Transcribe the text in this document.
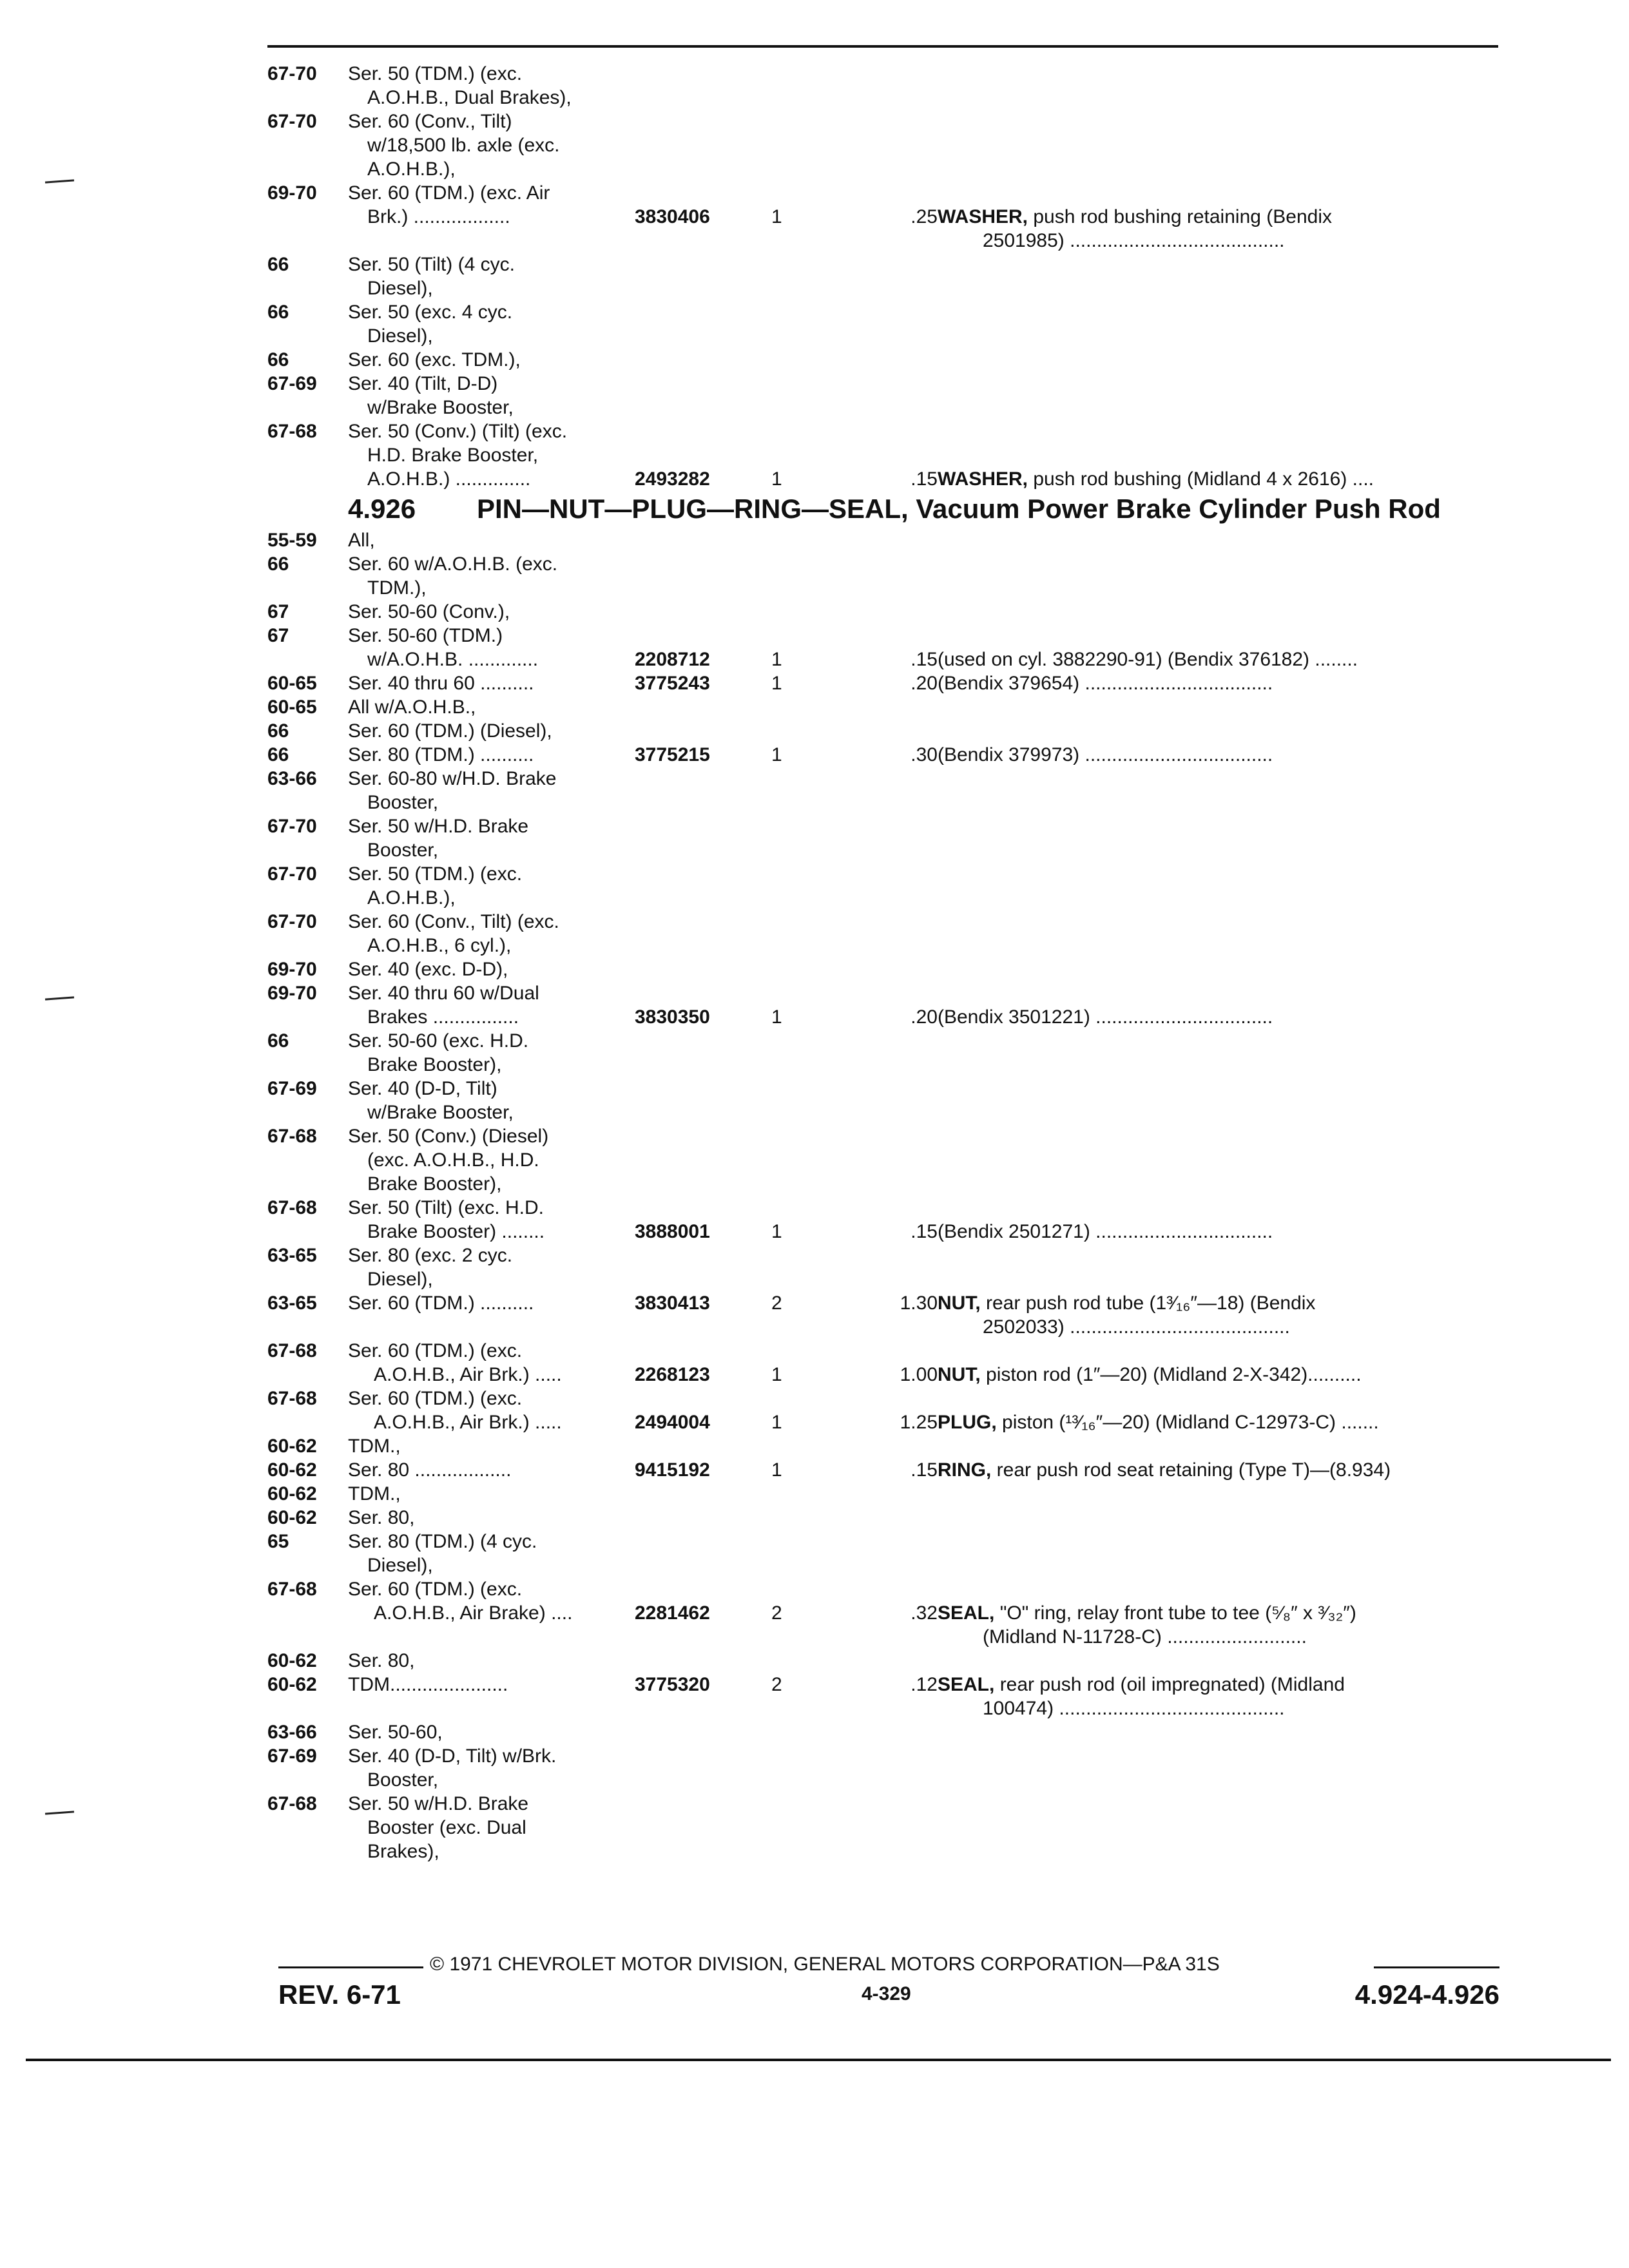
67-70 Ser. 50 (TDM.) (exc.
A.O.H.B., Dual Brakes),
67-70 Ser. 60 (Conv., Tilt)
w/18,500 lb. axle (exc.
A.O.H.B.),
69-70 Ser. 60 (TDM.) (exc. Air
Brk.) ..................	3830406	1	.25 WASHER, push rod bushing retaining (Bendix
2501985) ........................................
66	Ser. 50 (Tilt) (4 cyc.
Diesel),
66	Ser. 50 (exc. 4 cyc.
Diesel),
66	Ser. 60 (exc. TDM.),
67-69 Ser. 40 (Tilt, D-D)
w/Brake Booster,
67-68 Ser. 50 (Conv.) (Tilt) (exc.
H.D. Brake Booster,
A.O.H.B.) ..............	2493282	1	.15 WASHER, push rod bushing (Midland 4 x 2616) ....
4.926 PIN—NUT—PLUG—RING—SEAL, Vacuum Power Brake Cylinder Push Rod
55-59 All,
66	Ser. 60 w/A.O.H.B. (exc.
TDM.),
67	Ser. 50-60 (Conv.),
67	Ser. 50-60 (TDM.)
w/A.O.H.B. .............	2208712	1	.15 (used on cyl. 3882290-91) (Bendix 376182) ........
60-65 Ser. 40 thru 60 ..........	3775243	1	.20 (Bendix 379654) ...................................
60-65 All w/A.O.H.B.,
66	Ser. 60 (TDM.) (Diesel),
66	Ser. 80 (TDM.) ..........	3775215	1	.30 (Bendix 379973) ...................................
63-66 Ser. 60-80 w/H.D. Brake
Booster,
67-70 Ser. 50 w/H.D. Brake
Booster,
67-70 Ser. 50 (TDM.) (exc.
A.O.H.B.),
67-70 Ser. 60 (Conv., Tilt) (exc.
A.O.H.B., 6 cyl.),
69-70 Ser. 40 (exc. D-D),
69-70 Ser. 40 thru 60 w/Dual
Brakes ................	3830350	1	.20 (Bendix 3501221) .................................
66	Ser. 50-60 (exc. H.D.
Brake Booster),
67-69 Ser. 40 (D-D, Tilt)
w/Brake Booster,
67-68 Ser. 50 (Conv.) (Diesel)
(exc. A.O.H.B., H.D.
Brake Booster),
67-68 Ser. 50 (Tilt) (exc. H.D.
Brake Booster) ........	3888001	1	.15 (Bendix 2501271) .................................
63-65 Ser. 80 (exc. 2 cyc.
Diesel),
63-65 Ser. 60 (TDM.) ..........	3830413	2	1.30 NUT, rear push rod tube (1³⁄₁₆″—18) (Bendix
2502033) .........................................
67-68 Ser. 60 (TDM.) (exc.
A.O.H.B., Air Brk.) .....	2268123	1	1.00 NUT, piston rod (1″—20) (Midland 2-X-342)..........
67-68 Ser. 60 (TDM.) (exc.
A.O.H.B., Air Brk.) .....	2494004	1	1.25 PLUG, piston (¹³⁄₁₆″—20) (Midland C-12973-C) .......
60-62 TDM.,
60-62 Ser. 80 ..................	9415192	1	.15 RING, rear push rod seat retaining (Type T)—(8.934)
60-62 TDM.,
60-62 Ser. 80,
65	Ser. 80 (TDM.) (4 cyc.
Diesel),
67-68 Ser. 60 (TDM.) (exc.
A.O.H.B., Air Brake) ....	2281462	2	.32 SEAL, "O" ring, relay front tube to tee (⁵⁄₈″ x ³⁄₃₂″)
(Midland N-11728-C) ..........................
60-62 Ser. 80,
60-62 TDM......................	3775320	2	.12 SEAL, rear push rod (oil impregnated) (Midland
100474) ..........................................
63-66 Ser. 50-60,
67-69 Ser. 40 (D-D, Tilt) w/Brk.
Booster,
67-68 Ser. 50 w/H.D. Brake
Booster (exc. Dual
Brakes),
© 1971 CHEVROLET MOTOR DIVISION, GENERAL MOTORS CORPORATION—P&A 31S
REV. 6-71	4-329	4.924-4.926
